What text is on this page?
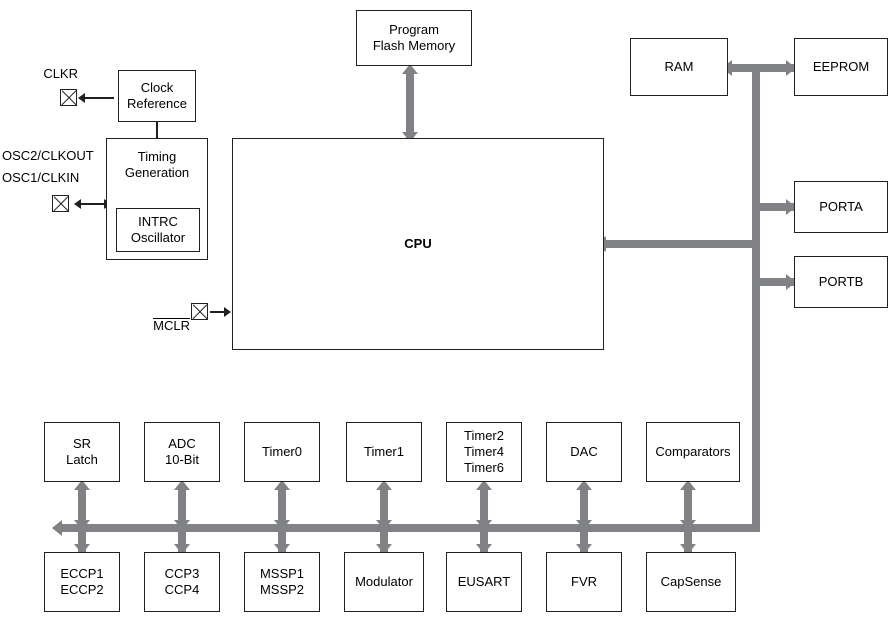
Program
Flash Memory
RAM	EEPROM
PORTA
PORTB
Clock
Reference

Timing
Generation

INTRC
Oscillator	CPU
SR
Latch
ADC
10-Bit
Timer0	Timer1
Timer2
Timer4
Timer6
DAC	Comparators
ECCP1
ECCP2
CCP3
CCP4
MSSP1
MSSP2
Modulator	EUSART	FVR	CapSense
CLKR
OSC2/CLKOUT
OSC1/CLKIN

MCLR
